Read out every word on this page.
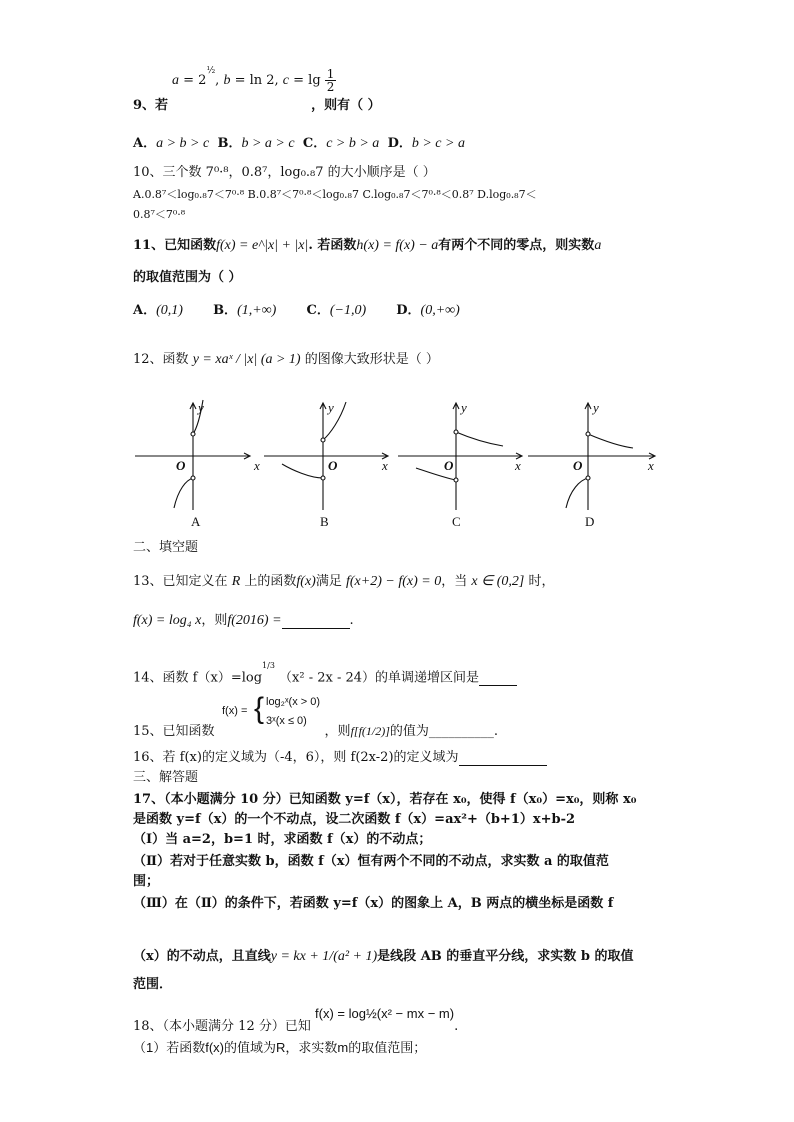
$a = 2^{\frac{1}{2}}$, b = ln 2, $c = \lg \frac{1}{2}$
9、若	，则有（ ）
A．a > b > c B．b > a > c C．c > b > a D．b > c > a
10、三个数 7⁰·⁸，0.8⁷，log₀.₈7 的大小顺序是（ ）
A.0.8⁷＜log₀.₈7＜7⁰·⁸ B.0.8⁷＜7⁰·⁸＜log₀.₈7 C.log₀.₈7＜7⁰·⁸＜0.8⁷ D.log₀.₈7＜
0.8⁷＜7⁰·⁸
11、已知函数f(x) = e^|x| + |x|. 若函数h(x) = f(x) − a有两个不同的零点，则实数a
的取值范围为（ ）
A．(0,1) B．(1,+∞) C．(−1,0) D．(0,+∞)
12、函数 y = xaˣ / |x| (a > 1) 的图像大致形状是（ ）
y
x
O
A
y
x
O
B
y
x
O
C
y
x
O
D
二、填空题
13、已知定义在 R 上的函数f(x)满足 f(x+2) − f(x) = 0，当 x ∈ (0,2] 时，
f(x) = log₄ x，则f(2016) =	.
14、函数 $f(x)=\log^{1/3}$ （x² - 2x - 24）的单调递增区间是
f(x) = { log₂ˣ(x > 0)
3ˣ(x ≤ 0)
15、已知函数	，则f[f(1/2)]的值为__________.
16、若 f(x)的定义域为（-4，6），则 f(2x-2)的定义域为
三、解答题
17、（本小题满分 10 分）已知函数 y=f（x），若存在 x₀，使得 f（x₀）=x₀，则称 x₀
是函数 y=f（x）的一个不动点，设二次函数 f（x）=ax²+（b+1）x+b-2
（Ⅰ）当 a=2，b=1 时，求函数 f（x）的不动点；
（Ⅱ）若对于任意实数 b，函数 f（x）恒有两个不同的不动点，求实数 a 的取值范
围；
（Ⅲ）在（Ⅱ）的条件下，若函数 y=f（x）的图象上 A，B 两点的横坐标是函数 f
（x）的不动点，且直线y = kx + 1/(a² + 1)是线段 AB 的垂直平分线，求实数 b 的取值
范围．
18、（本小题满分 12 分）已知 f(x) = log½(x² − mx − m).
（1）若函数f(x)的值域为R，求实数m的取值范围；
